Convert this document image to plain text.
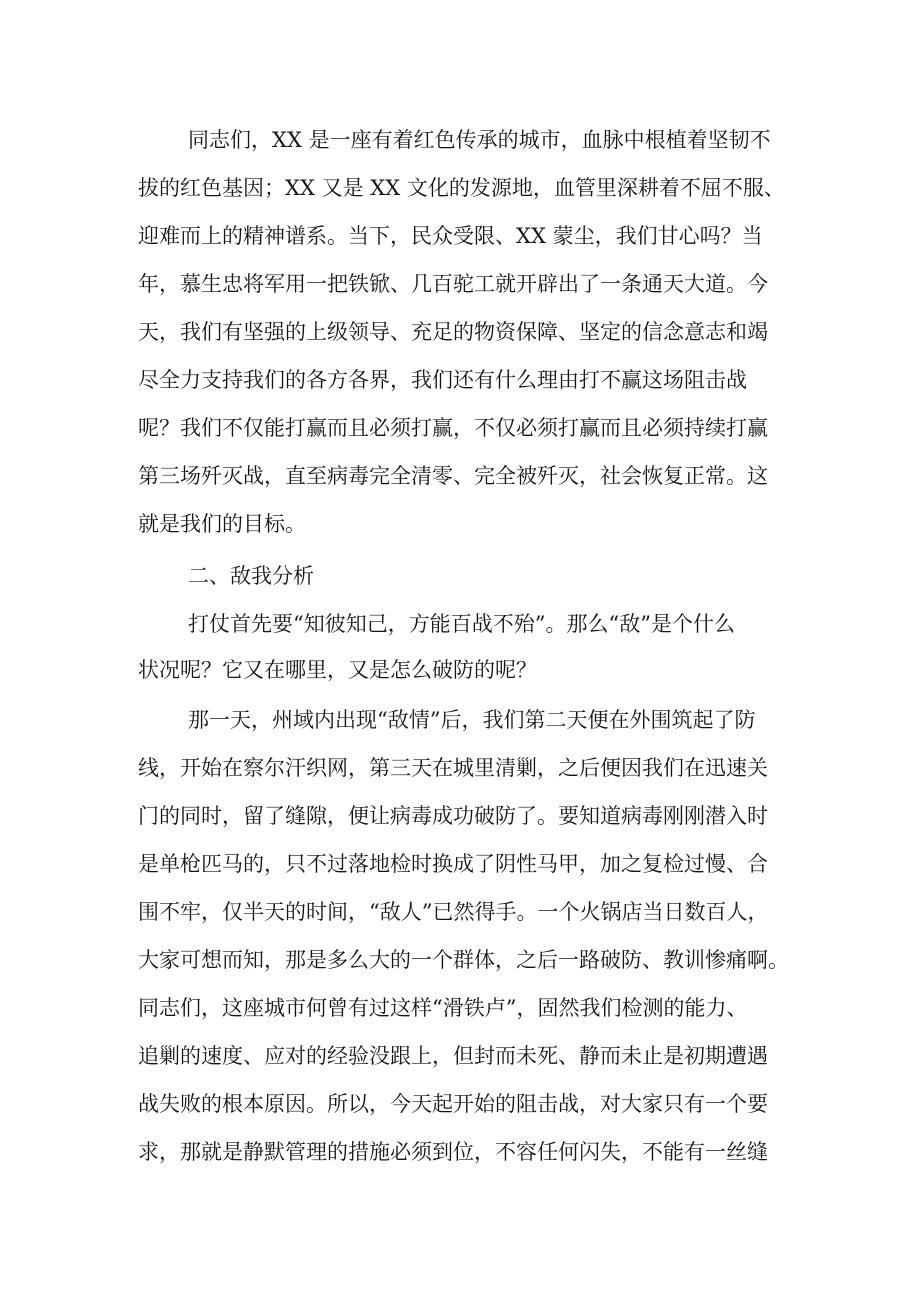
同志们，XX 是一座有着红色传承的城市，血脉中根植着坚韧不

拔的红色基因；XX 又是 XX 文化的发源地，血管里深耕着不屈不服、

迎难而上的精神谱系。当下，民众受限、XX 蒙尘，我们甘心吗？当

年，慕生忠将军用一把铁锨、几百驼工就开辟出了一条通天大道。今

天，我们有坚强的上级领导、充足的物资保障、坚定的信念意志和竭

尽全力支持我们的各方各界，我们还有什么理由打不赢这场阻击战

呢？我们不仅能打赢而且必须打赢，不仅必须打赢而且必须持续打赢

第三场歼灭战，直至病毒完全清零、完全被歼灭，社会恢复正常。这

就是我们的目标。

二、敌我分析

打仗首先要“知彼知己，方能百战不殆”。那么“敌”是个什么

状况呢？它又在哪里，又是怎么破防的呢？

那一天，州域内出现“敌情”后，我们第二天便在外围筑起了防

线，开始在察尔汗织网，第三天在城里清剿，之后便因我们在迅速关

门的同时，留了缝隙，便让病毒成功破防了。要知道病毒刚刚潜入时

是单枪匹马的，只不过落地检时换成了阴性马甲，加之复检过慢、合

围不牢，仅半天的时间，“敌人”已然得手。一个火锅店当日数百人，

大家可想而知，那是多么大的一个群体，之后一路破防、教训惨痛啊。

同志们，这座城市何曾有过这样“滑铁卢”，固然我们检测的能力、

追剿的速度、应对的经验没跟上，但封而未死、静而未止是初期遭遇

战失败的根本原因。所以，今天起开始的阻击战，对大家只有一个要

求，那就是静默管理的措施必须到位，不容任何闪失，不能有一丝缝
